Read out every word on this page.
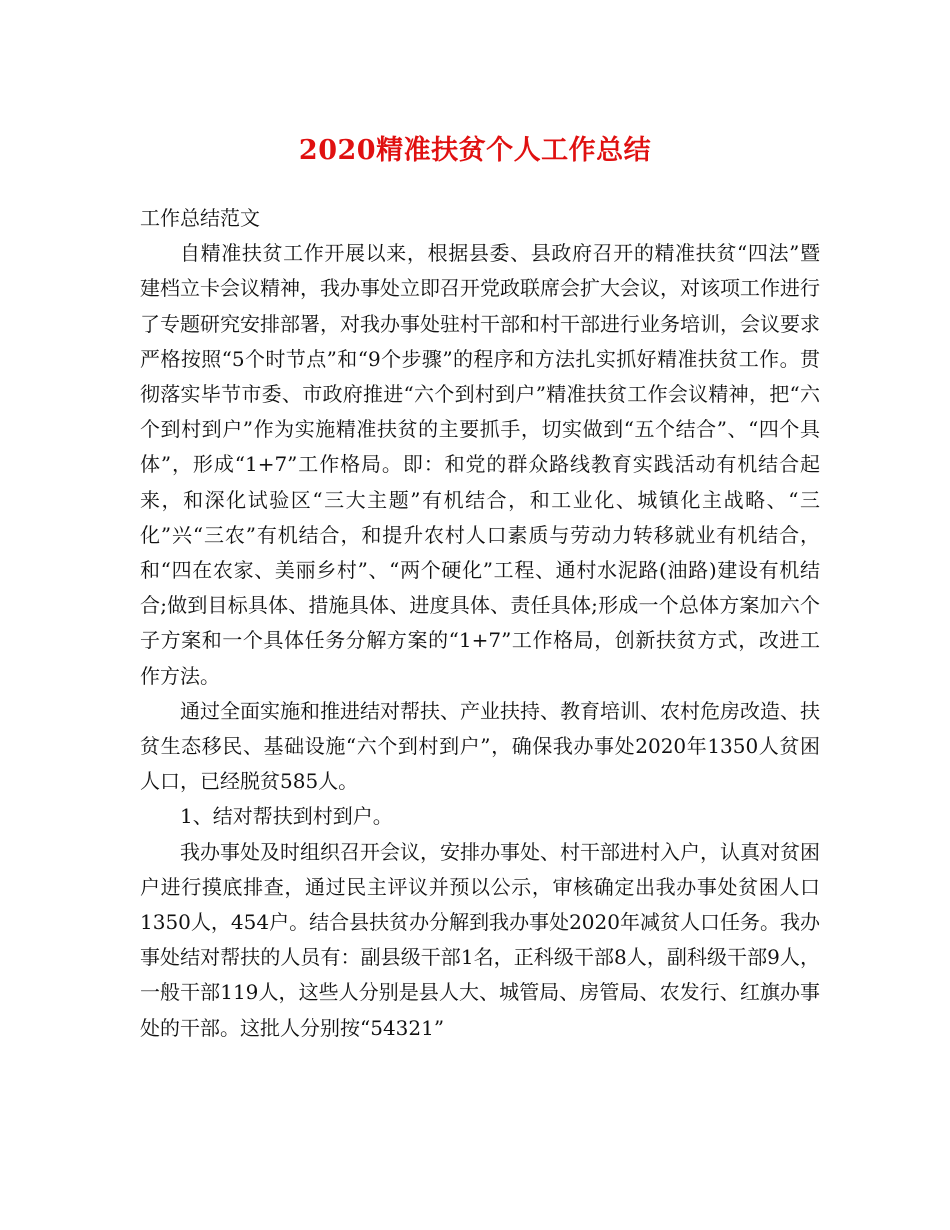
2020精准扶贫个人工作总结

工作总结范文

自精准扶贫工作开展以来，根据县委、县政府召开的精准扶贫“四法”暨建档立卡会议精神，我办事处立即召开党政联席会扩大会议，对该项工作进行了专题研究安排部署，对我办事处驻村干部和村干部进行业务培训，会议要求严格按照“5个时节点”和“9个步骤”的程序和方法扎实抓好精准扶贫工作。贯彻落实毕节市委、市政府推进“六个到村到户”精准扶贫工作会议精神，把“六个到村到户”作为实施精准扶贫的主要抓手，切实做到“五个结合”、“四个具体”，形成“1+7”工作格局。即：和党的群众路线教育实践活动有机结合起来，和深化试验区“三大主题”有机结合，和工业化、城镇化主战略、“三化”兴“三农”有机结合，和提升农村人口素质与劳动力转移就业有机结合，和“四在农家、美丽乡村”、“两个硬化”工程、通村水泥路(油路)建设有机结合;做到目标具体、措施具体、进度具体、责任具体;形成一个总体方案加六个子方案和一个具体任务分解方案的“1+7”工作格局，创新扶贫方式，改进工作方法。

通过全面实施和推进结对帮扶、产业扶持、教育培训、农村危房改造、扶贫生态移民、基础设施“六个到村到户”，确保我办事处2020年1350人贫困人口，已经脱贫585人。

1、结对帮扶到村到户。

我办事处及时组织召开会议，安排办事处、村干部进村入户，认真对贫困户进行摸底排查，通过民主评议并预以公示，审核确定出我办事处贫困人口1350人，454户。结合县扶贫办分解到我办事处2020年减贫人口任务。我办事处结对帮扶的人员有：副县级干部1名，正科级干部8人，副科级干部9人，一般干部119人，这些人分别是县人大、城管局、房管局、农发行、红旗办事处的干部。这批人分别按“54321”
